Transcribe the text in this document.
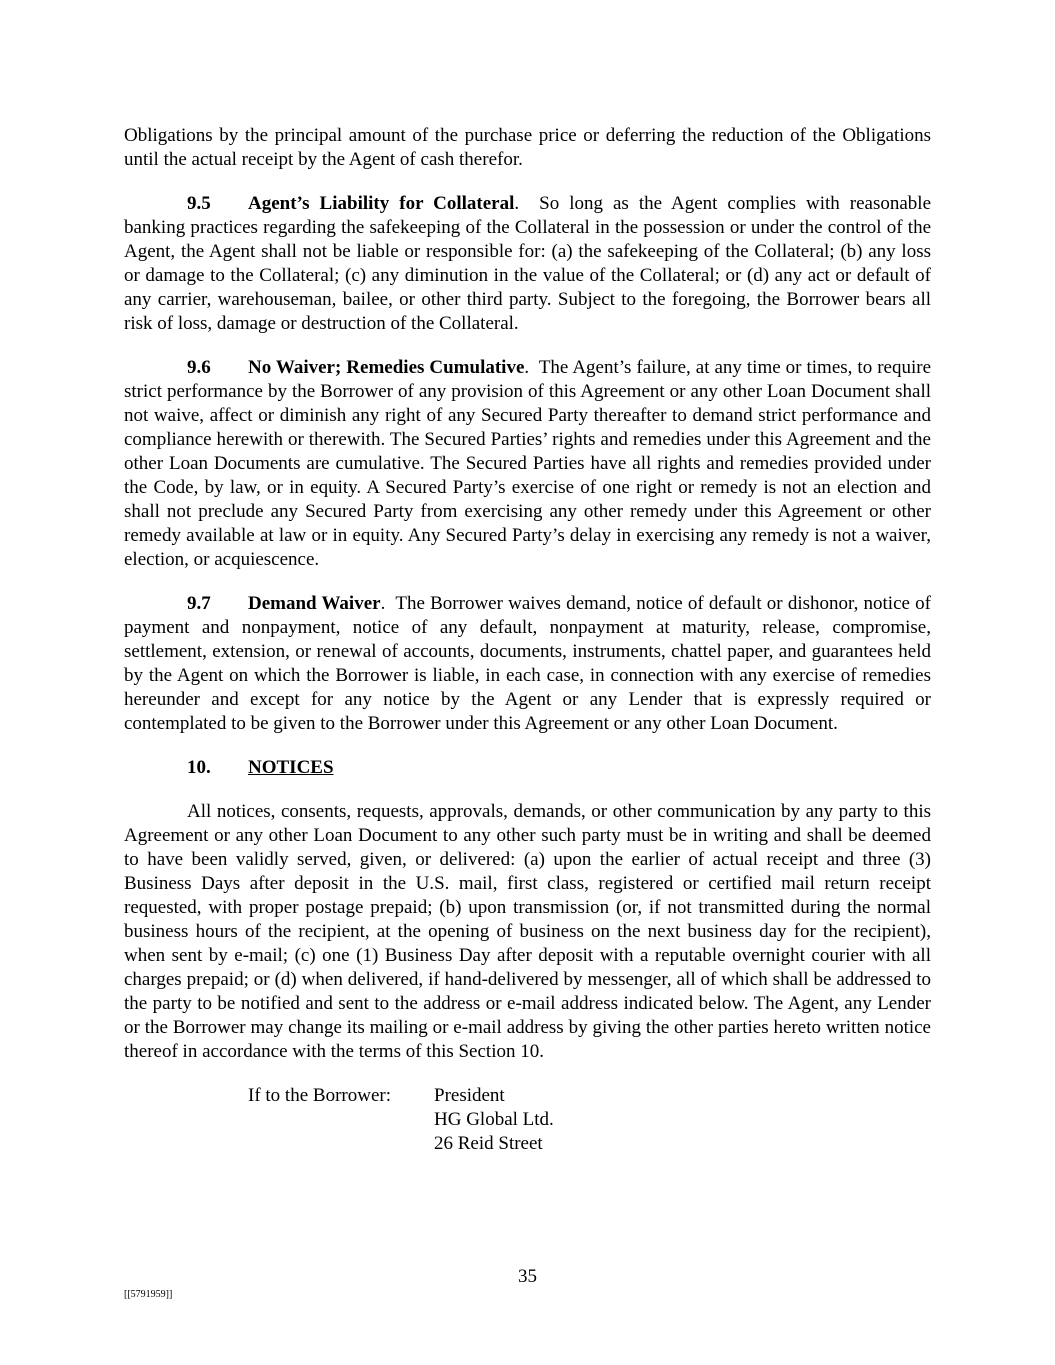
Obligations by the principal amount of the purchase price or deferring the reduction of the Obligations until the actual receipt by the Agent of cash therefor.

9.5 Agent’s Liability for Collateral.  So long as the Agent complies with reasonable banking practices regarding the safekeeping of the Collateral in the possession or under the control of the Agent, the Agent shall not be liable or responsible for: (a) the safekeeping of the Collateral; (b) any loss or damage to the Collateral; (c) any diminution in the value of the Collateral; or (d) any act or default of any carrier, warehouseman, bailee, or other third party. Subject to the foregoing, the Borrower bears all risk of loss, damage or destruction of the Collateral.

9.6 No Waiver; Remedies Cumulative.  The Agent’s failure, at any time or times, to require strict performance by the Borrower of any provision of this Agreement or any other Loan Document shall not waive, affect or diminish any right of any Secured Party thereafter to demand strict performance and compliance herewith or therewith. The Secured Parties’ rights and remedies under this Agreement and the other Loan Documents are cumulative. The Secured Parties have all rights and remedies provided under the Code, by law, or in equity. A Secured Party’s exercise of one right or remedy is not an election and shall not preclude any Secured Party from exercising any other remedy under this Agreement or other remedy available at law or in equity. Any Secured Party’s delay in exercising any remedy is not a waiver, election, or acquiescence.

9.7 Demand Waiver.  The Borrower waives demand, notice of default or dishonor, notice of payment and nonpayment, notice of any default, nonpayment at maturity, release, compromise, settlement, extension, or renewal of accounts, documents, instruments, chattel paper, and guarantees held by the Agent on which the Borrower is liable, in each case, in connection with any exercise of remedies hereunder and except for any notice by the Agent or any Lender that is expressly required or contemplated to be given to the Borrower under this Agreement or any other Loan Document.

10. NOTICES

All notices, consents, requests, approvals, demands, or other communication by any party to this Agreement or any other Loan Document to any other such party must be in writing and shall be deemed to have been validly served, given, or delivered: (a) upon the earlier of actual receipt and three (3) Business Days after deposit in the U.S. mail, first class, registered or certified mail return receipt requested, with proper postage prepaid; (b) upon transmission (or, if not transmitted during the normal business hours of the recipient, at the opening of business on the next business day for the recipient), when sent by e-mail; (c) one (1) Business Day after deposit with a reputable overnight courier with all charges prepaid; or (d) when delivered, if hand-delivered by messenger, all of which shall be addressed to the party to be notified and sent to the address or e-mail address indicated below. The Agent, any Lender or the Borrower may change its mailing or e-mail address by giving the other parties hereto written notice thereof in accordance with the terms of this Section 10.

If to the Borrower:	President
HG Global Ltd.
26 Reid Street
35
[[5791959]]
